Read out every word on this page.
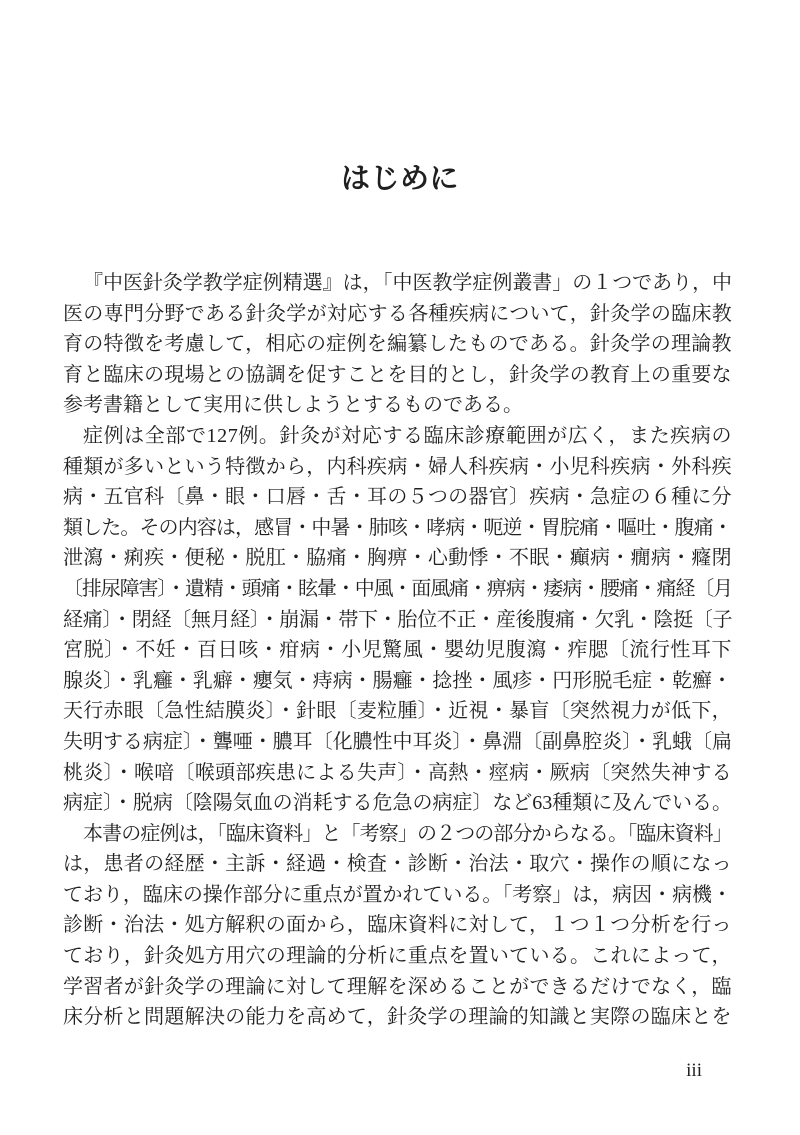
はじめに
『中医針灸学教学症例精選』は，「中医教学症例叢書」の１つであり，中
医の専門分野である針灸学が対応する各種疾病について，針灸学の臨床教
育の特徴を考慮して，相応の症例を編纂したものである。針灸学の理論教
育と臨床の現場との協調を促すことを目的とし，針灸学の教育上の重要な
参考書籍として実用に供しようとするものである。
症例は全部で127例。針灸が対応する臨床診療範囲が広く，また疾病の
種類が多いという特徴から，内科疾病・婦人科疾病・小児科疾病・外科疾
病・五官科〔鼻・眼・口唇・舌・耳の５つの器官〕疾病・急症の６種に分
類した。その内容は，感冒・中暑・肺咳・哮病・呃逆・胃脘痛・嘔吐・腹痛・
泄瀉・痢疾・便秘・脱肛・脇痛・胸痹・心動悸・不眠・癲病・癇病・癃閉
〔排尿障害〕・遺精・頭痛・眩暈・中風・面風痛・痹病・痿病・腰痛・痛経〔月
経痛〕・閉経〔無月経〕・崩漏・帯下・胎位不正・産後腹痛・欠乳・陰挺〔子
宮脱〕・不妊・百日咳・疳病・小児驚風・嬰幼児腹瀉・痄腮〔流行性耳下
腺炎〕・乳癰・乳癖・癭気・痔病・腸癰・捻挫・風疹・円形脱毛症・乾癬・
天行赤眼〔急性結膜炎〕・針眼〔麦粒腫〕・近視・暴盲〔突然視力が低下，
失明する病症〕・聾唖・膿耳〔化膿性中耳炎〕・鼻淵〔副鼻腔炎〕・乳蛾〔扁
桃炎〕・喉喑〔喉頭部疾患による失声〕・高熱・痙病・厥病〔突然失神する
病症〕・脱病〔陰陽気血の消耗する危急の病症〕など63種類に及んでいる。
本書の症例は，「臨床資料」と「考察」の２つの部分からなる。「臨床資料」
は，患者の経歴・主訴・経過・検査・診断・治法・取穴・操作の順になっ
ており，臨床の操作部分に重点が置かれている。「考察」は，病因・病機・
診断・治法・処方解釈の面から，臨床資料に対して，１つ１つ分析を行っ
ており，針灸処方用穴の理論的分析に重点を置いている。これによって，
学習者が針灸学の理論に対して理解を深めることができるだけでなく，臨
床分析と問題解決の能力を高めて，針灸学の理論的知識と実際の臨床とを
iii
